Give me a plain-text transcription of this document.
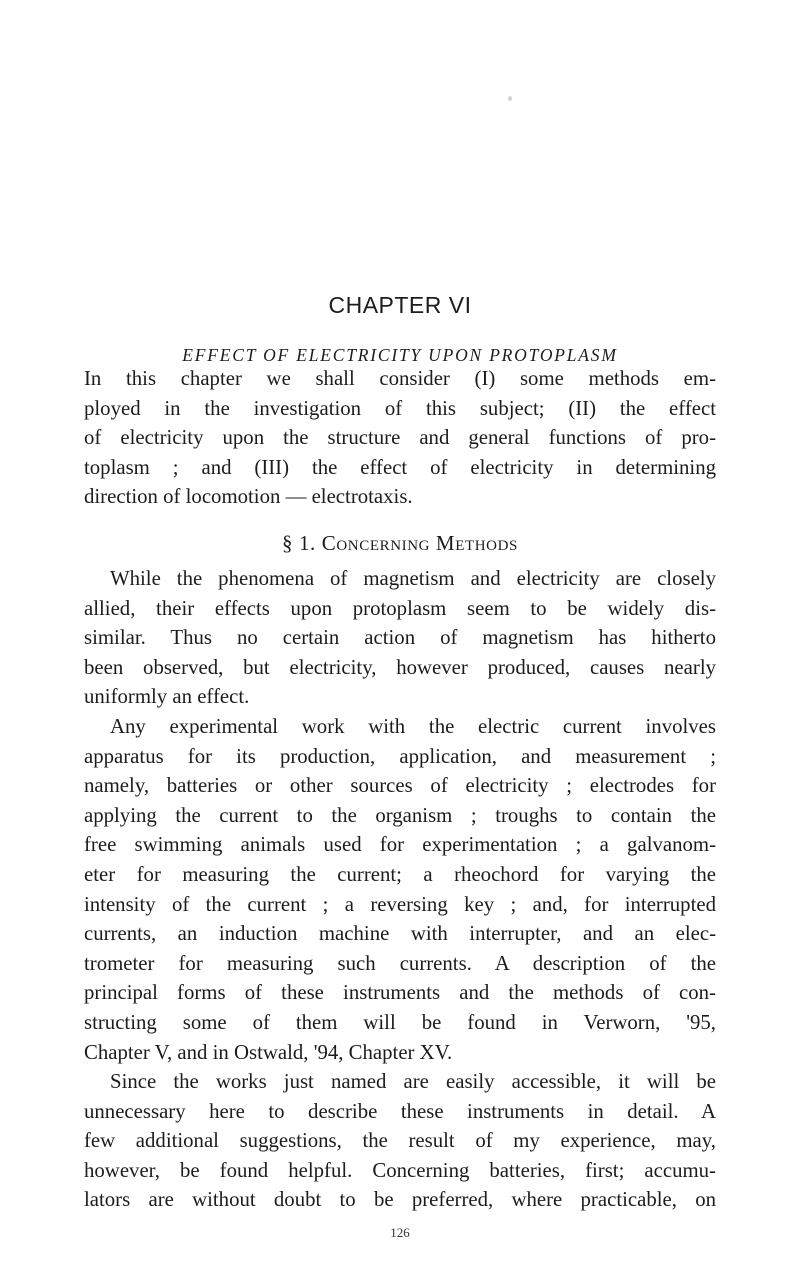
CHAPTER VI
EFFECT OF ELECTRICITY UPON PROTOPLASM
In this chapter we shall consider (I) some methods em-
ployed in the investigation of this subject; (II) the effect
of electricity upon the structure and general functions of pro-
toplasm ; and (III) the effect of electricity in determining
direction of locomotion — electrotaxis.
§ 1. Concerning Methods
While the phenomena of magnetism and electricity are closely
allied, their effects upon protoplasm seem to be widely dis-
similar. Thus no certain action of magnetism has hitherto
been observed, but electricity, however produced, causes nearly
uniformly an effect.
Any experimental work with the electric current involves
apparatus for its production, application, and measurement ;
namely, batteries or other sources of electricity ; electrodes for
applying the current to the organism ; troughs to contain the
free swimming animals used for experimentation ; a galvanom-
eter for measuring the current; a rheochord for varying the
intensity of the current ; a reversing key ; and, for interrupted
currents, an induction machine with interrupter, and an elec-
trometer for measuring such currents. A description of the
principal forms of these instruments and the methods of con-
structing some of them will be found in Verworn, '95,
Chapter V, and in Ostwald, '94, Chapter XV.
Since the works just named are easily accessible, it will be
unnecessary here to describe these instruments in detail. A
few additional suggestions, the result of my experience, may,
however, be found helpful. Concerning batteries, first; accumu-
lators are without doubt to be preferred, where practicable, on
126
